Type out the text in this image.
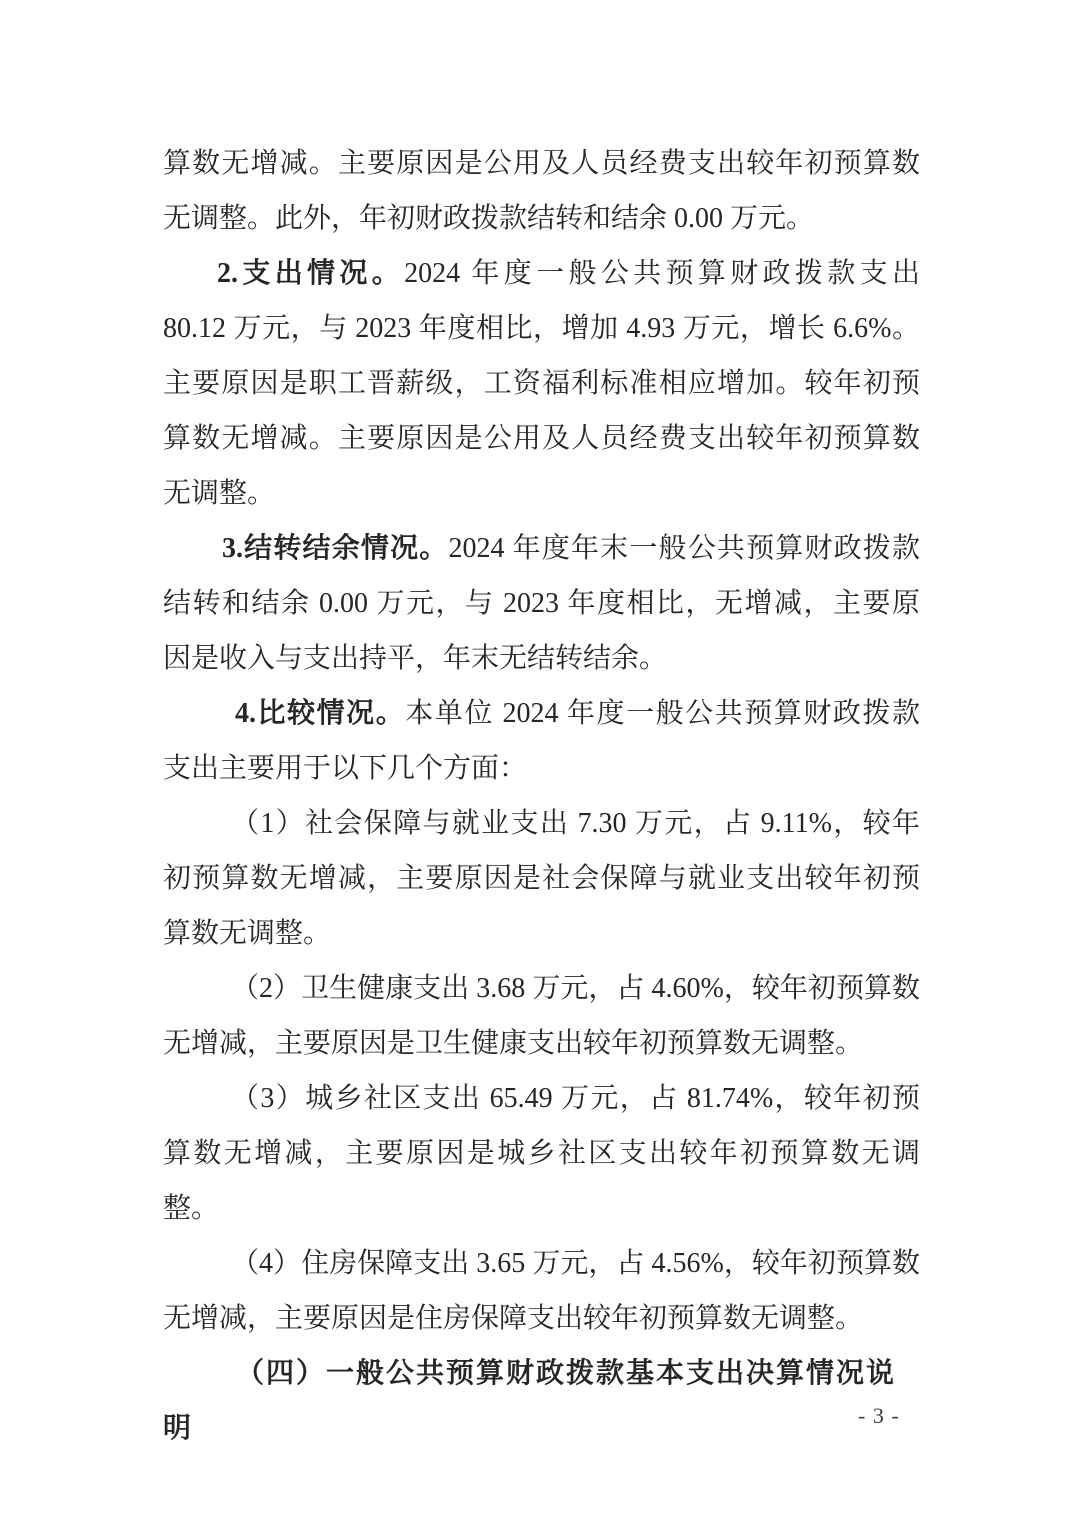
算数无增减。主要原因是公用及人员经费支出较年初预算数
无调整。此外，年初财政拨款结转和结余 0.00 万元。
2.支出情况。2024 年度一般公共预算财政拨款支出
80.12 万元，与 2023 年度相比，增加 4.93 万元，增长 6.6%。
主要原因是职工晋薪级，工资福利标准相应增加。较年初预
算数无增减。主要原因是公用及人员经费支出较年初预算数
无调整。
3.结转结余情况。2024 年度年末一般公共预算财政拨款
结转和结余 0.00 万元，与 2023 年度相比，无增减，主要原
因是收入与支出持平，年末无结转结余。
4.比较情况。本单位 2024 年度一般公共预算财政拨款
支出主要用于以下几个方面：
（1）社会保障与就业支出 7.30 万元，占 9.11%，较年
初预算数无增减，主要原因是社会保障与就业支出较年初预
算数无调整。
（2）卫生健康支出 3.68 万元，占 4.60%，较年初预算数
无增减，主要原因是卫生健康支出较年初预算数无调整。
（3）城乡社区支出 65.49 万元，占 81.74%，较年初预
算数无增减，主要原因是城乡社区支出较年初预算数无调
整。
（4）住房保障支出 3.65 万元，占 4.56%，较年初预算数
无增减，主要原因是住房保障支出较年初预算数无调整。
（四）一般公共预算财政拨款基本支出决算情况说明	- 3 -
